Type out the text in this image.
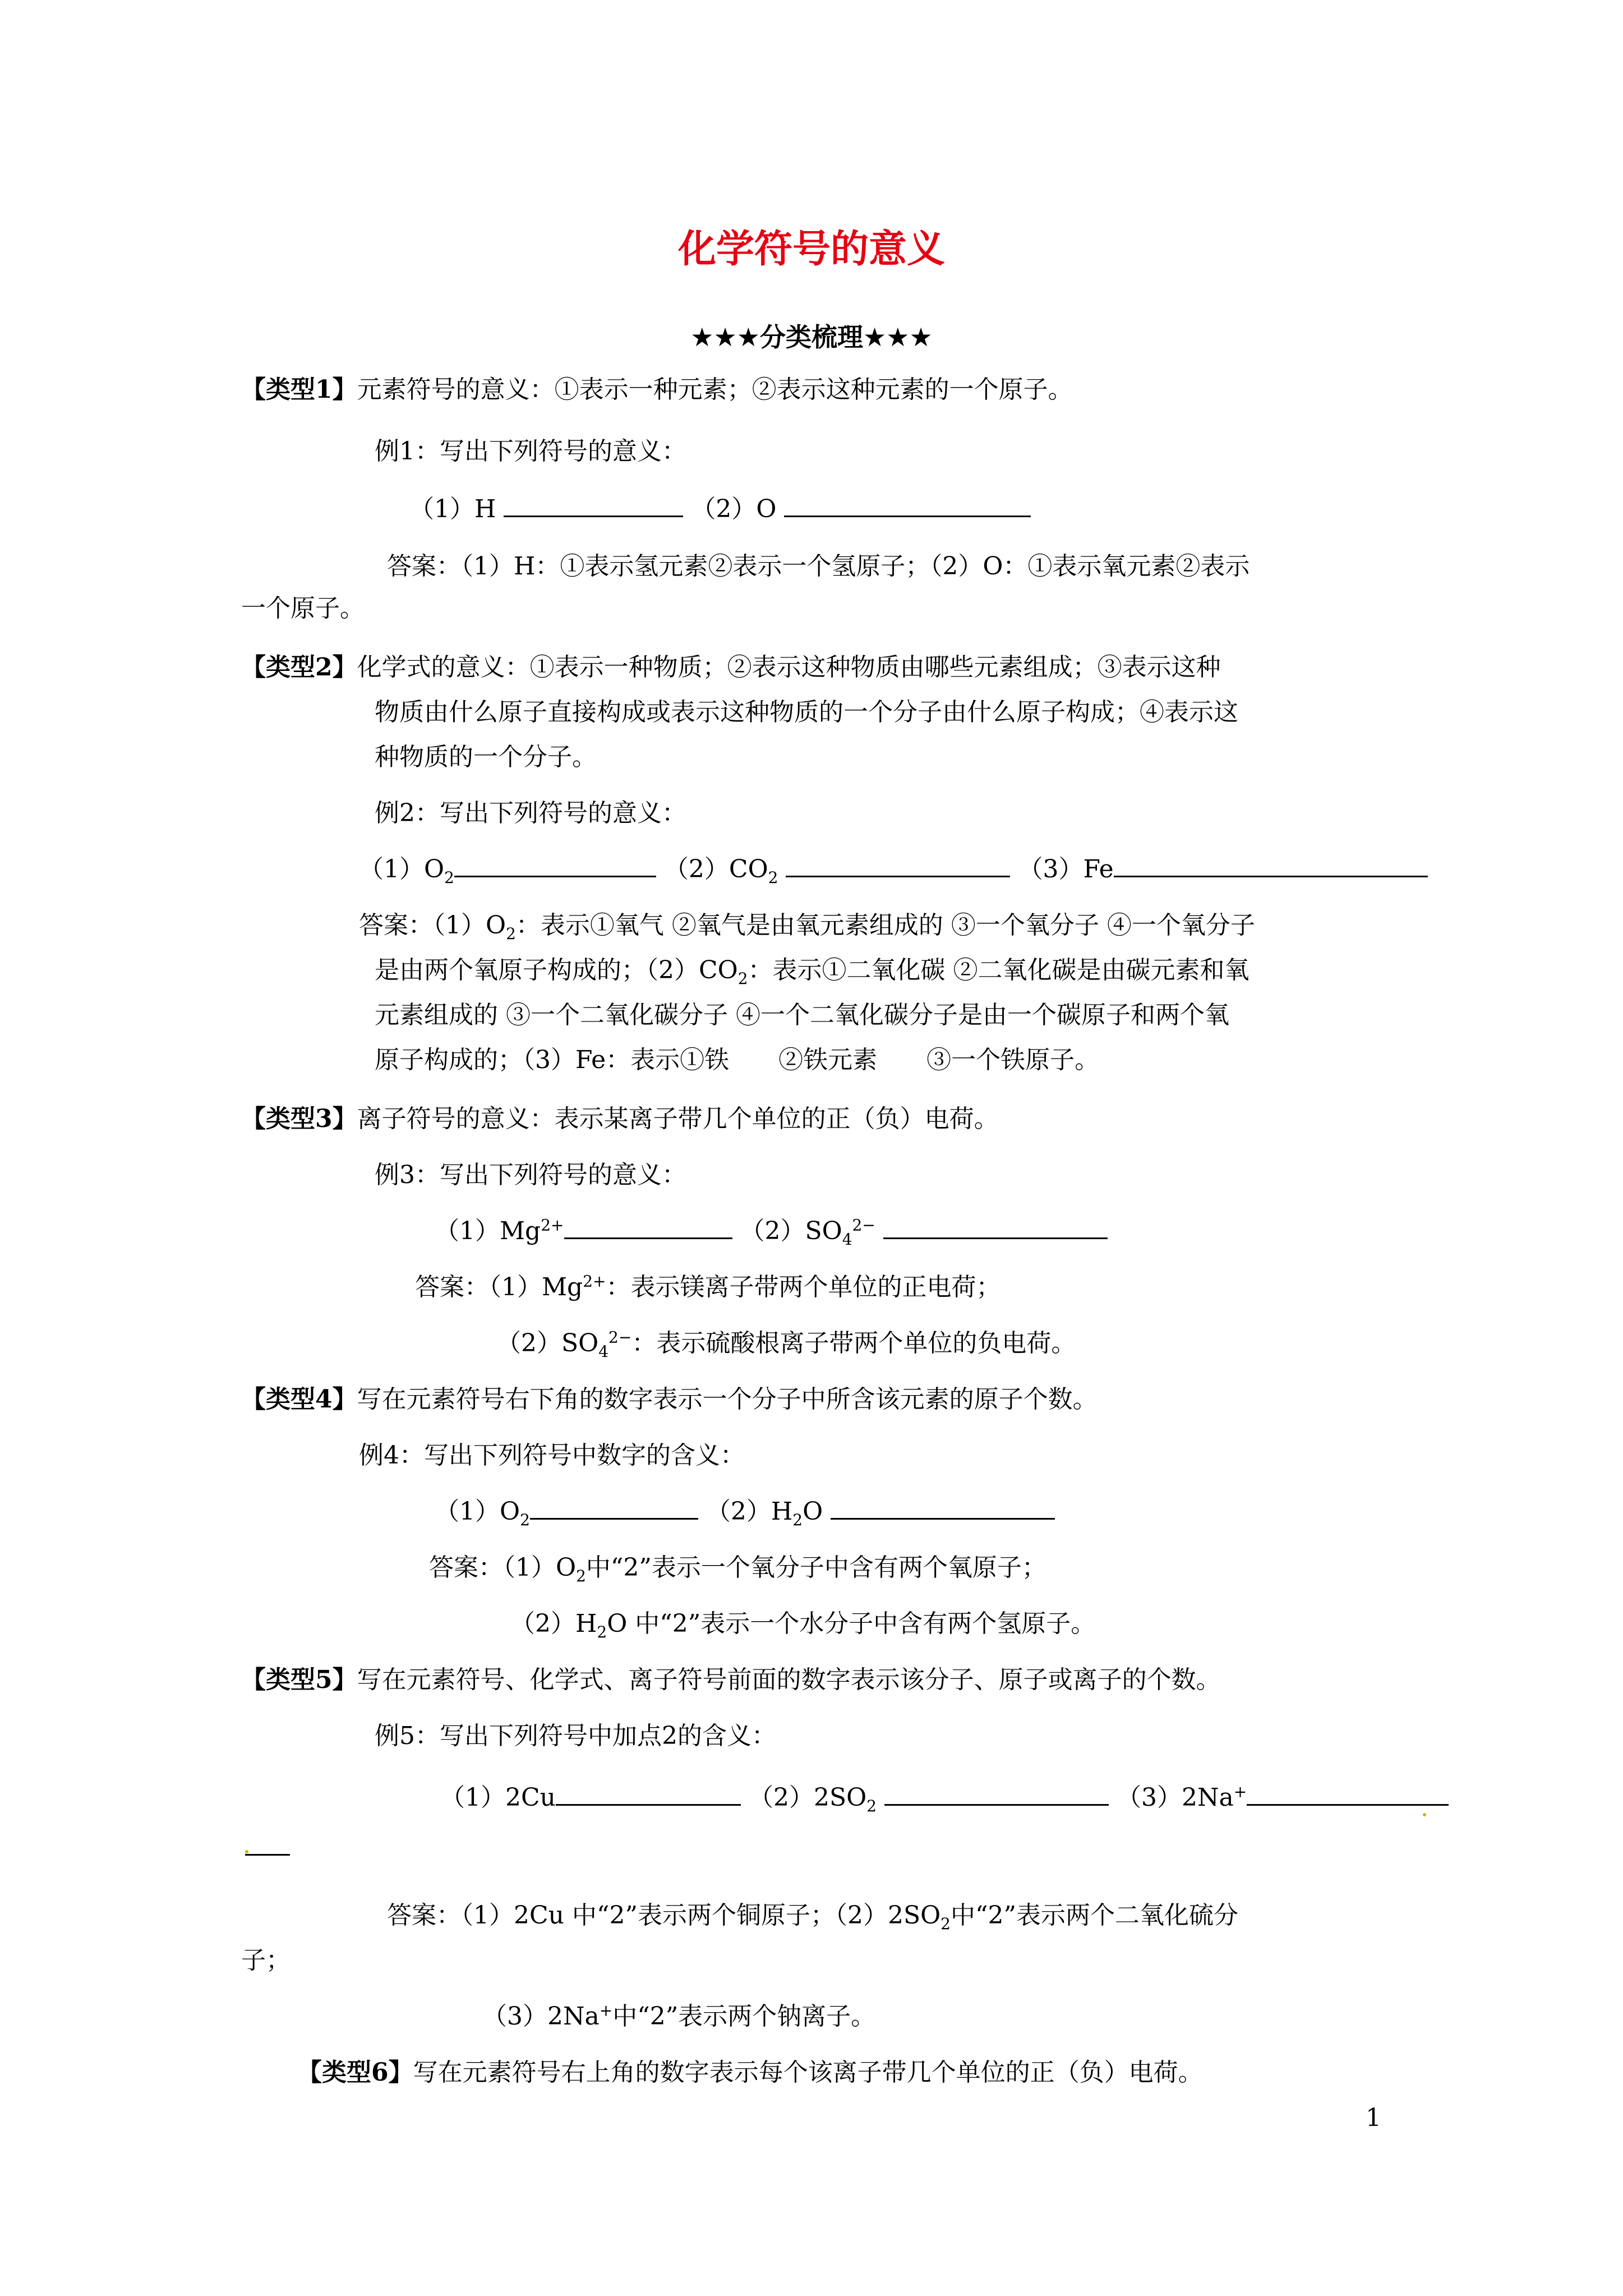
化学符号的意义
★★★分类梳理★★★
【类型1】元素符号的意义：①表示一种元素；②表示这种元素的一个原子。
例1：写出下列符号的意义：
（1）H	（2）O
答案：（1）H：①表示氢元素②表示一个氢原子；（2）O：①表示氧元素②表示
一个原子。
【类型2】化学式的意义：①表示一种物质；②表示这种物质由哪些元素组成；③表示这种
物质由什么原子直接构成或表示这种物质的一个分子由什么原子构成；④表示这
种物质的一个分子。
例2：写出下列符号的意义：
$(1)O_2$	$(2)CO_2$	（3）Fe
答案：$(1)O_2$：表示①氧气 ②氧气是由氧元素组成的 ③一个氧分子 ④一个氧分子
是由两个氧原子构成的；$(2)CO_2$：表示①二氧化碳 ②二氧化碳是由碳元素和氧
元素组成的 ③一个二氧化碳分子 ④一个二氧化碳分子是由一个碳原子和两个氧
原子构成的；（3）Fe：表示①铁　　②铁元素　　③一个铁原子。
【类型3】离子符号的意义：表示某离子带几个单位的正（负）电荷。
例3：写出下列符号的意义：
$(1)Mg^{2+}$	$(2)SO_4^{2-}$
答案：$(1)Mg^{2+}$：表示镁离子带两个单位的正电荷；
$(2)SO_4^{2-}$：表示硫酸根离子带两个单位的负电荷。
【类型4】写在元素符号右下角的数字表示一个分子中所含该元素的原子个数。
例4：写出下列符号中数字的含义：
$(1)O_2$	$(2)H_2O$
答案：$(1)O_2$中“2”表示一个氧分子中含有两个氧原子；
$(2)H_2O$ 中“2”表示一个水分子中含有两个氢原子。
【类型5】写在元素符号、化学式、离子符号前面的数字表示该分子、原子或离子的个数。
例5：写出下列符号中加点2的含义：
（1）2Cu	$(2)2SO_2$	（3）2Na+
答案：（1）2Cu 中“2”表示两个铜原子；$(2)2SO_2$中“2”表示两个二氧化硫分
子；
（3）2Na+中“2”表示两个钠离子。
【类型6】写在元素符号右上角的数字表示每个该离子带几个单位的正（负）电荷。
1
